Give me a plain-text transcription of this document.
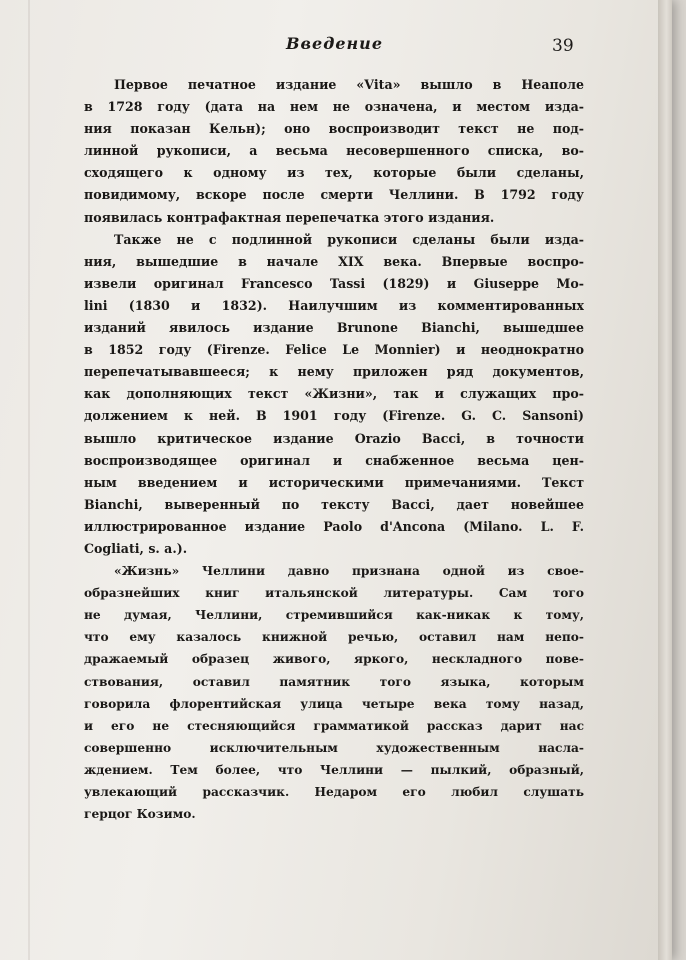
Введение	39
Первое печатное издание «Vita» вышло в Неаполе
в 1728 году (дата на нем не означена, и местом изда-
ния показан Кельн); оно воспроизводит текст не под-
линной рукописи, а весьма несовершенного списка, во-
сходящего к одному из тех, которые были сделаны,
повидимому, вскоре после смерти Челлини. В 1792 году
появилась контрафактная перепечатка этого издания.
Также не с подлинной рукописи сделаны были изда-
ния, вышедшие в начале XIX века. Впервые воспро-
извели оригинал Francesco Tassi (1829) и Giuseppe Mo-
lini (1830 и 1832). Наилучшим из комментированных
изданий явилось издание Brunone Bianchi, вышедшее
в 1852 году (Firenze. Felice Le Monnier) и неоднократно
перепечатывавшееся; к нему приложен ряд документов,
как дополняющих текст «Жизни», так и служащих про-
должением к ней. В 1901 году (Firenze. G. C. Sansoni)
вышло критическое издание Orazio Bacci, в точности
воспроизводящее оригинал и снабженное весьма цен-
ным введением и историческими примечаниями. Текст
Bianchi, выверенный по тексту Bacci, дает новейшее
иллюстрированное издание Paolo d'Ancona (Milano. L. F.
Cogliati, s. a.).
«Жизнь» Челлини давно признана одной из свое-
образнейших книг итальянской литературы. Сам того
не думая, Челлини, стремившийся как-никак к тому,
что ему казалось книжной речью, оставил нам непо-
дражаемый образец живого, яркого, нескладного пове-
ствования, оставил памятник того языка, которым
говорила флорентийская улица четыре века тому назад,
и его не стесняющийся грамматикой рассказ дарит нас
совершенно исключительным художественным насла-
ждением. Тем более, что Челлини — пылкий, образный,
увлекающий рассказчик. Недаром его любил слушать
герцог Козимо.
